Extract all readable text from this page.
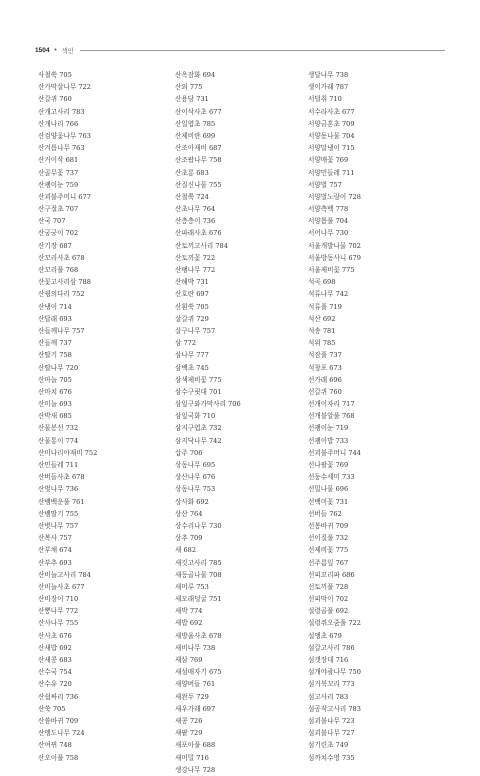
1504 • 색인
사철쑥 705
산가막살나무 722
산갈퀴 760
산개고사리 783
산개나리 766
산검양옻나무 763
산겨릅나무 763
산거이삭 681
산골무꽃 737
산괭이눈 759
산괴불주머니 677
산구절초 707
산국 707
산궁궁이 702
산기장 687
산꼬리사초 678
산꼬리풀 768
산꽃고사리삼 788
산꿩의다리 752
산냉이 714
산달래 693
산들깨나무 757
산들깨 737
산딸기 758
산딸나무 720
산마늘 705
산마치 676
산미늘 693
산박새 685
산물봉선 732
산물통이 774
산미나리아재비 752
산민들레 711
산버들사초 678
산벚나무 736
산뱀백운풀 761
산뱀딸기 755
산볏나무 757
산복사 757
산부채 674
산부추 693
산비늘고사리 784
산비늘사초 677
산비장이 710
산뽕나무 772
산사나무 755
산사초 676
산새밥 692
산새콩 683
산수국 754
산수유 720
산쉽싸리 736
산쑥 705
산씀바귀 709
산앵도나무 724
산여뀌 748
산오이풀 758
산옥잠화 694
산외 775
산용담 731
산이삭사초 677
산일엽초 785
산제비란 699
산조아재비 687
산조팝나무 758
산초롱 683
산질신나물 755
산철쭉 724
산초나무 764
산층층이 736
산파래사초 676
산토끼고사리 784
산토끼꽃 722
산팽나무 772
산해박 731
산호란 697
산흰쑥 705
살갈퀴 729
살구나무 757
삼 772
삼나무 777
삼백초 745
삼색제비꽃 775
삼수구릿대 701
삼잎구와가막사리 706
삼잎국화 710
삼지구엽초 732
삼지닥나무 742
삽주 706
상동나무 695
상산나무 676
상동나무 753
상사화 692
상산 764
상수리나무 730
상추 709
새 682
새깃고사리 785
새등골나물 708
새머루 753
새모래덩굴 751
새박 774
새밥 692
새방울사초 678
새비나무 738
새삼 769
새섬매자기 675
새양버들 761
새완두 729
새우가래 697
새콩 726
새팥 729
새포아풀 688
새머밀 716
생강나무 728
생달나무 738
생이가래 787
서덜취 710
서수라사초 677
서양금혼초 709
서양동나물 704
서양말냉이 715
서양매꽃 769
서양민들레 711
서양벌 757
서양벌노랑이 728
서양측백 778
서양톱풀 704
서어나무 730
서울개발나물 702
서울방동사니 679
서울제비꽃 775
석곡 698
석류나무 742
석류풀 719
석산 692
석송 781
석위 785
석잠풀 737
석창포 673
선가래 696
선갈퀴 760
선개이자리 717
선개불알풀 768
선괭이눈 719
선괭이밥 733
선괴불주머니 744
선나팔꽃 769
선둥수세미 733
선밀나물 696
선백미꽃 731
선버들 762
선봉바귀 709
선이질풀 732
선제비꽃 775
선주름잎 767
선피꼬리파 686
선토끼풀 728
선피막이 702
설령골풀 692
설령쥐오줌풀 722
설앵초 679
섬갈고사리 786
섬갯장대 716
섬개야광나무 750
섬거북꼬리 773
섬고사리 783
섬공작고사리 783
섬괴불나무 723
섬괴불나무 727
섬기린초 749
섬까치수영 735
